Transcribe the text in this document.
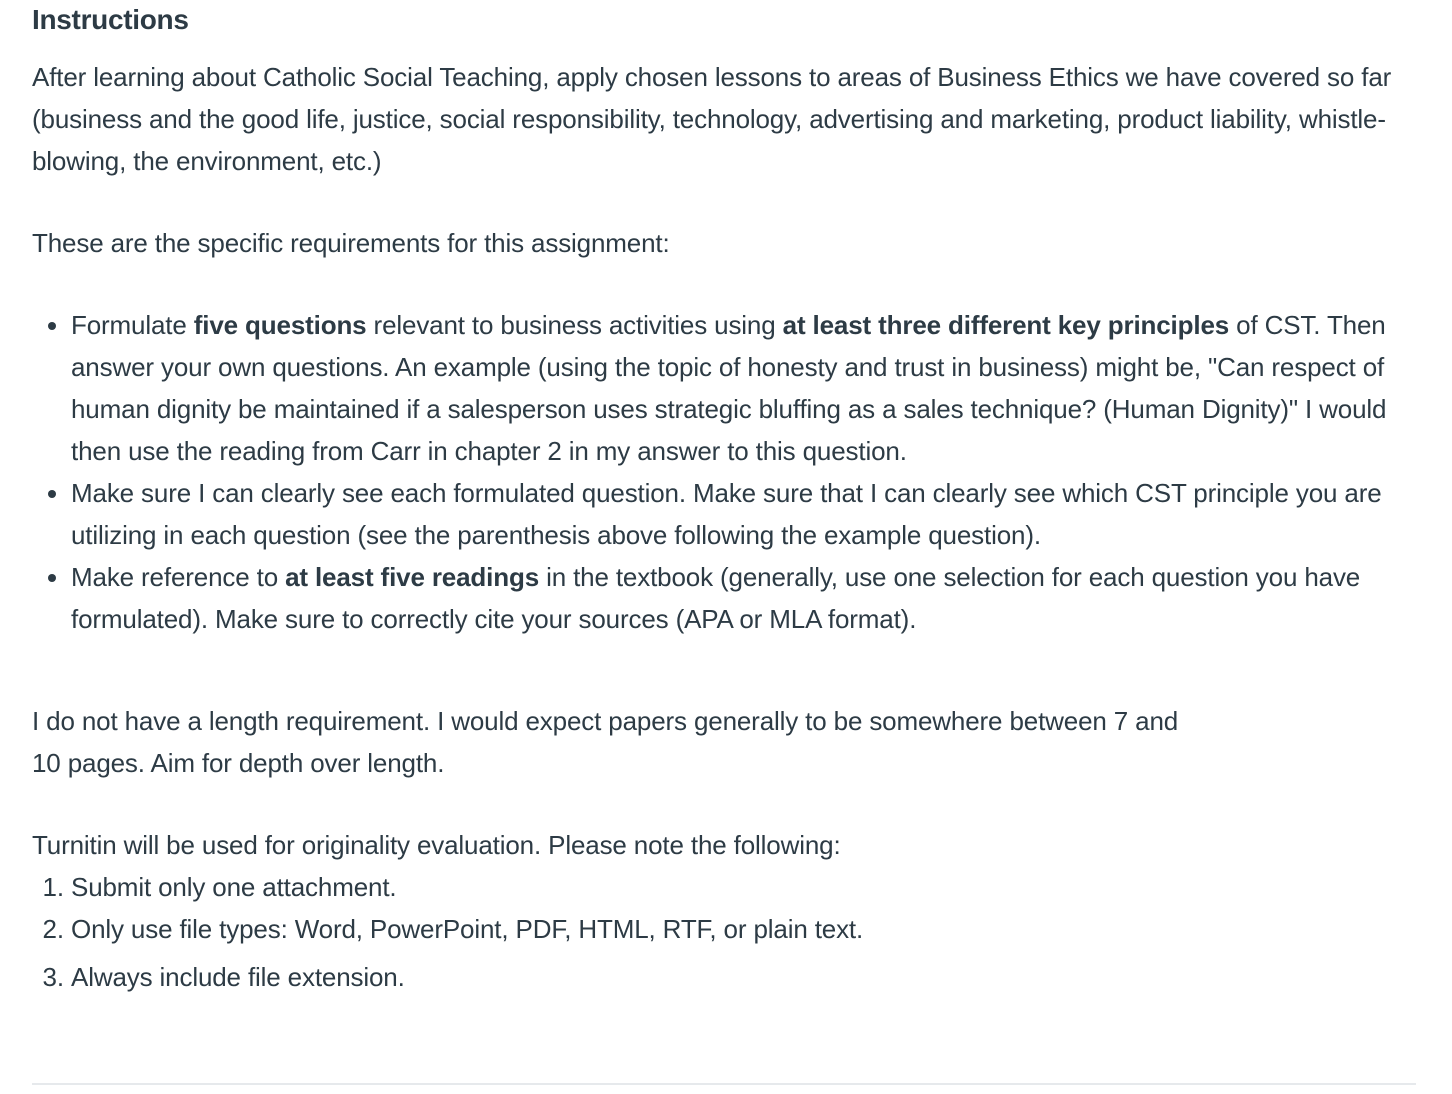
Instructions

After learning about Catholic Social Teaching, apply chosen lessons to areas of Business Ethics we have covered so far (business and the good life, justice, social responsibility, technology, advertising and marketing, product liability, whistle-blowing, the environment, etc.)

These are the specific requirements for this assignment:

• Formulate five questions relevant to business activities using at least three different key principles of CST. Then answer your own questions. An example (using the topic of honesty and trust in business) might be, "Can respect of human dignity be maintained if a salesperson uses strategic bluffing as a sales technique? (Human Dignity)" I would then use the reading from Carr in chapter 2 in my answer to this question.
• Make sure I can clearly see each formulated question. Make sure that I can clearly see which CST principle you are utilizing in each question (see the parenthesis above following the example question).
• Make reference to at least five readings in the textbook (generally, use one selection for each question you have formulated). Make sure to correctly cite your sources (APA or MLA format).

I do not have a length requirement. I would expect papers generally to be somewhere between 7 and
10 pages. Aim for depth over length.

Turnitin will be used for originality evaluation. Please note the following:

1. Submit only one attachment.
2. Only use file types: Word, PowerPoint, PDF, HTML, RTF, or plain text.
3. Always include file extension.
